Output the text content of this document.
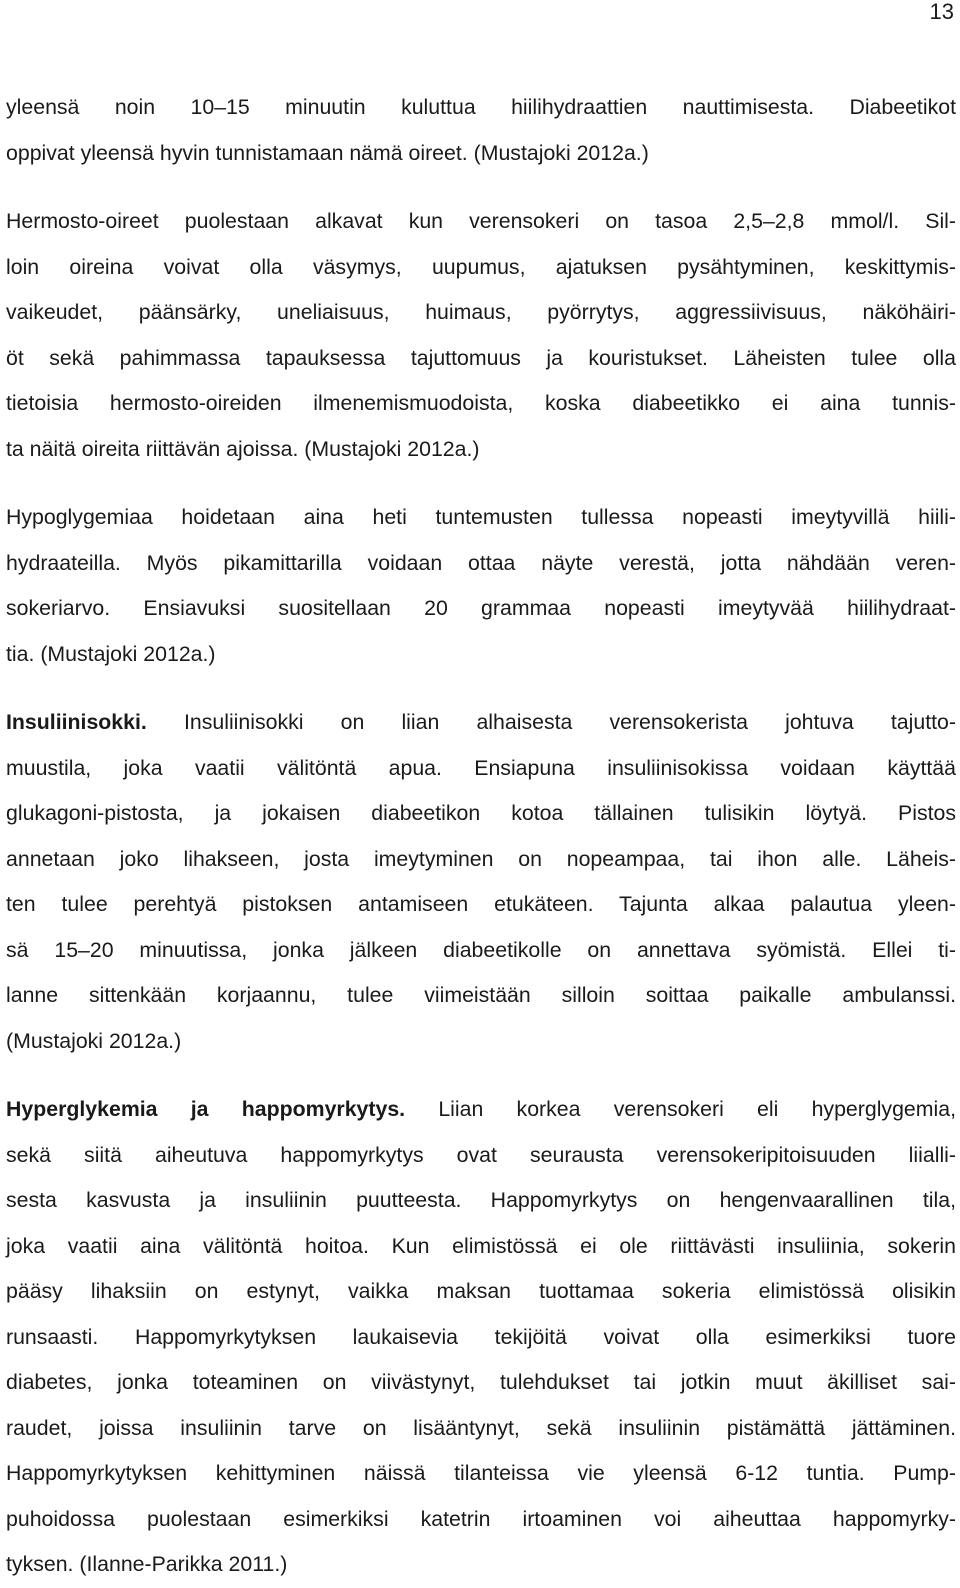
13

yleensä noin 10–15 minuutin kuluttua hiilihydraattien nauttimisesta. Diabeetikot
oppivat yleensä hyvin tunnistamaan nämä oireet. (Mustajoki 2012a.)

Hermosto-oireet puolestaan alkavat kun verensokeri on tasoa 2,5–2,8 mmol/l. Sil-
loin oireina voivat olla väsymys, uupumus, ajatuksen pysähtyminen, keskittymis-
vaikeudet, päänsärky, uneliaisuus, huimaus, pyörrytys, aggressiivisuus, näköhäiri-
öt sekä pahimmassa tapauksessa tajuttomuus ja kouristukset. Läheisten tulee olla
tietoisia hermosto-oireiden ilmenemismuodoista, koska diabeetikko ei aina tunnis-
ta näitä oireita riittävän ajoissa. (Mustajoki 2012a.)

Hypoglygemiaa hoidetaan aina heti tuntemusten tullessa nopeasti imeytyvillä hiili-
hydraateilla. Myös pikamittarilla voidaan ottaa näyte verestä, jotta nähdään veren-
sokeriarvo. Ensiavuksi suositellaan 20 grammaa nopeasti imeytyvää hiilihydraat-
tia. (Mustajoki 2012a.)

Insuliinisokki. Insuliinisokki on liian alhaisesta verensokerista johtuva tajutto-
muustila, joka vaatii välitöntä apua. Ensiapuna insuliinisokissa voidaan käyttää
glukagoni-pistosta, ja jokaisen diabeetikon kotoa tällainen tulisikin löytyä. Pistos
annetaan joko lihakseen, josta imeytyminen on nopeampaa, tai ihon alle. Läheis-
ten tulee perehtyä pistoksen antamiseen etukäteen. Tajunta alkaa palautua yleen-
sä 15–20 minuutissa, jonka jälkeen diabeetikolle on annettava syömistä. Ellei ti-
lanne sittenkään korjaannu, tulee viimeistään silloin soittaa paikalle ambulanssi.
(Mustajoki 2012a.)

Hyperglykemia ja happomyrkytys. Liian korkea verensokeri eli hyperglygemia,
sekä siitä aiheutuva happomyrkytys ovat seurausta verensokeripitoisuuden liialli-
sesta kasvusta ja insuliinin puutteesta. Happomyrkytys on hengenvaarallinen tila,
joka vaatii aina välitöntä hoitoa. Kun elimistössä ei ole riittävästi insuliinia, sokerin
pääsy lihaksiin on estynyt, vaikka maksan tuottamaa sokeria elimistössä olisikin
runsaasti. Happomyrkytyksen laukaisevia tekijöitä voivat olla esimerkiksi tuore
diabetes, jonka toteaminen on viivästynyt, tulehdukset tai jotkin muut äkilliset sai-
raudet, joissa insuliinin tarve on lisääntynyt, sekä insuliinin pistämättä jättäminen.
Happomyrkytyksen kehittyminen näissä tilanteissa vie yleensä 6-12 tuntia. Pump-
puhoidossa puolestaan esimerkiksi katetrin irtoaminen voi aiheuttaa happomyrky-
tyksen. (Ilanne-Parikka 2011.)
